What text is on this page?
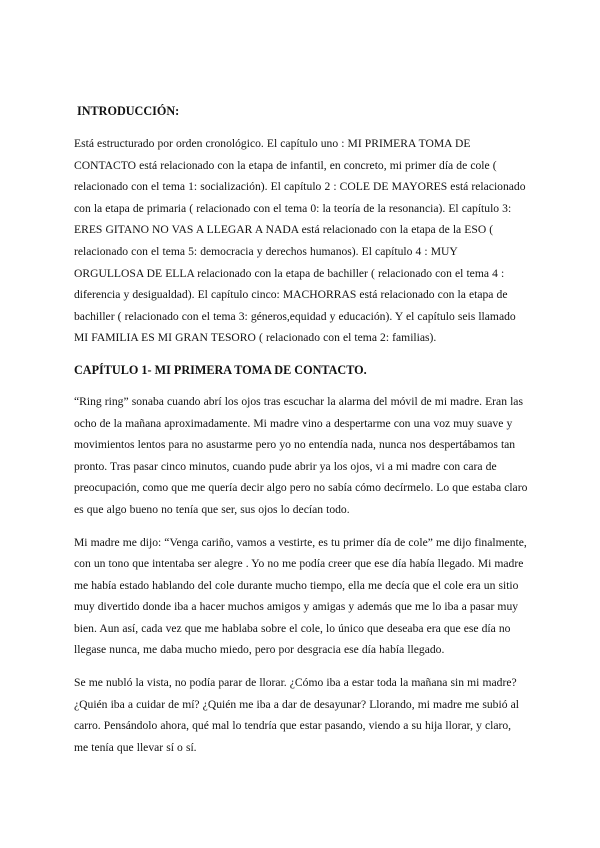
INTRODUCCIÓN:

Está estructurado por orden cronológico. El capítulo uno : MI PRIMERA TOMA DE CONTACTO está relacionado con la etapa de infantil, en concreto, mi primer día de cole ( relacionado con el tema 1: socialización). El capítulo 2 : COLE DE MAYORES está relacionado con la etapa de primaria ( relacionado con el tema 0: la teoría de la resonancia). El capítulo 3: ERES GITANO NO VAS A LLEGAR A NADA está relacionado con la etapa de la ESO ( relacionado con el tema 5: democracia y derechos humanos). El capítulo 4 : MUY ORGULLOSA DE ELLA relacionado con la etapa de bachiller ( relacionado con el tema 4 : diferencia y desigualdad). El capítulo cinco: MACHORRAS está relacionado con la etapa de bachiller ( relacionado con el tema 3: géneros,equidad y educación). Y el capítulo seis llamado MI FAMILIA ES MI GRAN TESORO ( relacionado con el tema 2: familias).

CAPÍTULO 1- MI PRIMERA TOMA DE CONTACTO.

“Ring ring” sonaba cuando abrí los ojos tras escuchar la alarma del móvil de mi madre. Eran las ocho de la mañana aproximadamente. Mi madre vino a despertarme con una voz muy suave y movimientos lentos para no asustarme pero yo no entendía nada, nunca nos despertábamos tan pronto. Tras pasar cinco minutos, cuando pude abrir ya los ojos, vi a mi madre con cara de preocupación, como que me quería decir algo pero no sabía cómo decírmelo. Lo que estaba claro es que algo bueno no tenía que ser, sus ojos lo decían todo.

Mi madre me dijo: “Venga cariño, vamos a vestirte, es tu primer día de cole” me dijo finalmente, con un tono que intentaba ser alegre . Yo no me podía creer que ese día había llegado. Mi madre me había estado hablando del cole durante mucho tiempo, ella me decía que el cole era un sitio muy divertido donde iba a hacer muchos amigos y amigas y además que me lo iba a pasar muy bien. Aun así, cada vez que me hablaba sobre el cole, lo único que deseaba era que ese día no llegase nunca, me daba mucho miedo, pero por desgracia ese día había llegado.

Se me nubló la vista, no podía parar de llorar. ¿Cómo iba a estar toda la mañana sin mi madre? ¿Quién iba a cuidar de mí? ¿Quién me iba a dar de desayunar? Llorando, mi madre me subió al carro. Pensándolo ahora, qué mal lo tendría que estar pasando, viendo a su hija llorar, y claro, me tenía que llevar sí o sí.
